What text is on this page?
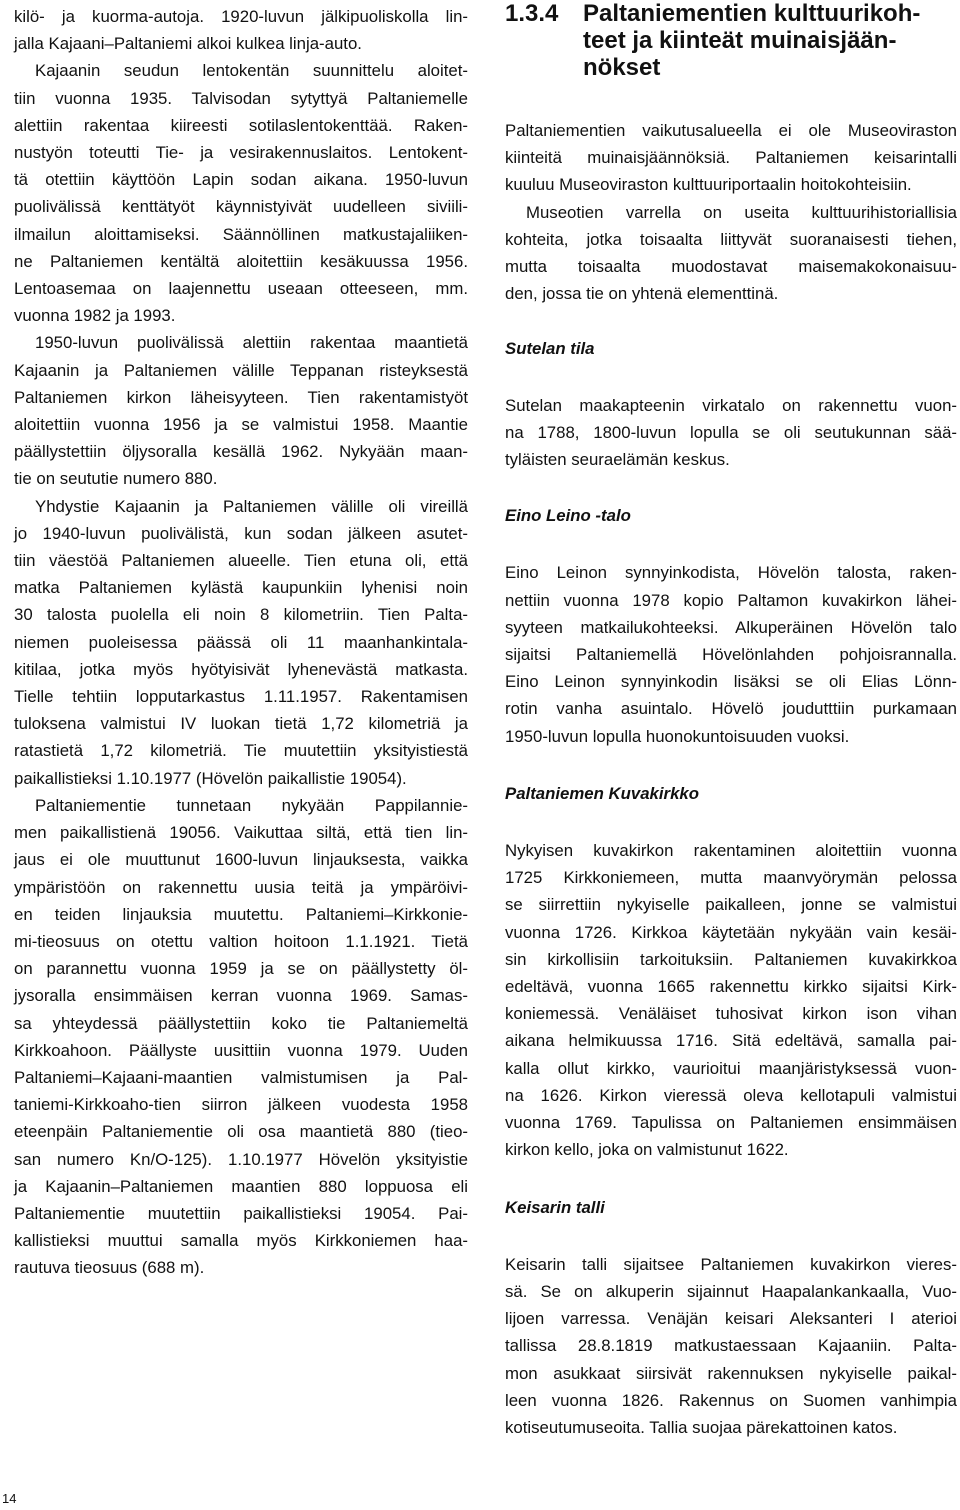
kilö- ja kuorma-autoja. 1920-luvun jälkipuoliskolla lin-
jalla Kajaani–Paltaniemi alkoi kulkea linja-auto.

Kajaanin seudun lentokentän suunnittelu aloitet-
tiin vuonna 1935. Talvisodan sytyttyä Paltaniemelle
alettiin rakentaa kiireesti sotilaslentokenttää. Raken-
nustyön toteutti Tie- ja vesirakennuslaitos. Lentokent-
tä otettiin käyttöön Lapin sodan aikana. 1950-luvun
puolivälissä kenttätyöt käynnistyivät uudelleen siviili-
ilmailun aloittamiseksi. Säännöllinen matkustajaliiken-
ne Paltaniemen kentältä aloitettiin kesäkuussa 1956.
Lentoasemaa on laajennettu useaan otteeseen, mm.
vuonna 1982 ja 1993.

1950-luvun puolivälissä alettiin rakentaa maantietä
Kajaanin ja Paltaniemen välille Teppanan risteyksestä
Paltaniemen kirkon läheisyyteen. Tien rakentamistyöt
aloitettiin vuonna 1956 ja se valmistui 1958. Maantie
päällystettiin öljysoralla kesällä 1962. Nykyään maan-
tie on seututie numero 880.

Yhdystie Kajaanin ja Paltaniemen välille oli vireillä
jo 1940-luvun puolivälistä, kun sodan jälkeen asutet-
tiin väestöä Paltaniemen alueelle. Tien etuna oli, että
matka Paltaniemen kylästä kaupunkiin lyhenisi noin
30 talosta puolella eli noin 8 kilometriin. Tien Palta-
niemen puoleisessa päässä oli 11 maanhankintala-
kitilaa, jotka myös hyötyisivät lyhenevästä matkasta.
Tielle tehtiin lopputarkastus 1.11.1957. Rakentamisen
tuloksena valmistui IV luokan tietä 1,72 kilometriä ja
ratastietä 1,72 kilometriä. Tie muutettiin yksityistiestä
paikallistieksi 1.10.1977 (Hövelön paikallistie 19054).

Paltaniementie tunnetaan nykyään Pappilannie-
men paikallistienä 19056. Vaikuttaa siltä, että tien lin-
jaus ei ole muuttunut 1600-luvun linjauksesta, vaikka
ympäristöön on rakennettu uusia teitä ja ympäröivi-
en teiden linjauksia muutettu. Paltaniemi–Kirkkonie-
mi-tieosuus on otettu valtion hoitoon 1.1.1921. Tietä
on parannettu vuonna 1959 ja se on päällystetty öl-
jysoralla ensimmäisen kerran vuonna 1969. Samas-
sa yhteydessä päällystettiin koko tie Paltaniemeltä
Kirkkoahoon. Päällyste uusittiin vuonna 1979. Uuden
Paltaniemi–Kajaani-maantien valmistumisen ja Pal-
taniemi-Kirkkoaho-tien siirron jälkeen vuodesta 1958
eteenpäin Paltaniementie oli osa maantietä 880 (tieo-
san numero Kn/O-125). 1.10.1977 Hövelön yksityistie
ja Kajaanin–Paltaniemen maantien 880 loppuosa eli
Paltaniementie muutettiin paikallistieksi 19054. Pai-
kallistieksi muuttui samalla myös Kirkkoniemen haa-
rautuva tieosuus (688 m).

1.3.4 Paltaniementien kulttuurikoh-
teet ja kiinteät muinaisjään-
nökset

Paltaniementien vaikutusalueella ei ole Museoviraston
kiinteitä muinaisjäännöksiä. Paltaniemen keisarintalli
kuuluu Museoviraston kulttuuriportaalin hoitokohteisiin.

Museotien varrella on useita kulttuurihistoriallisia
kohteita, jotka toisaalta liittyvät suoranaisesti tiehen,
mutta toisaalta muodostavat maisemakokonaisuu-
den, jossa tie on yhtenä elementtinä.

Sutelan tila

Sutelan maakapteenin virkatalo on rakennettu vuon-
na 1788, 1800-luvun lopulla se oli seutukunnan sää-
tyläisten seuraelämän keskus.

Eino Leino -talo

Eino Leinon synnyinkodista, Hövelön talosta, raken-
nettiin vuonna 1978 kopio Paltamon kuvakirkon lähei-
syyteen matkailukohteeksi. Alkuperäinen Hövelön talo
sijaitsi Paltaniemellä Hövelönlahden pohjoisrannalla.
Eino Leinon synnyinkodin lisäksi se oli Elias Lönn-
rotin vanha asuintalo. Hövelö joudutttiin purkamaan
1950-luvun lopulla huonokuntoisuuden vuoksi.

Paltaniemen Kuvakirkko

Nykyisen kuvakirkon rakentaminen aloitettiin vuonna
1725 Kirkkoniemeen, mutta maanvyörymän pelossa
se siirrettiin nykyiselle paikalleen, jonne se valmistui
vuonna 1726. Kirkkoa käytetään nykyään vain kesäi-
sin kirkollisiin tarkoituksiin. Paltaniemen kuvakirkkoa
edeltävä, vuonna 1665 rakennettu kirkko sijaitsi Kirk-
koniemessä. Venäläiset tuhosivat kirkon ison vihan
aikana helmikuussa 1716. Sitä edeltävä, samalla pai-
kalla ollut kirkko, vaurioitui maanjäristyksessä vuon-
na 1626. Kirkon vieressä oleva kellotapuli valmistui
vuonna 1769. Tapulissa on Paltaniemen ensimmäisen
kirkon kello, joka on valmistunut 1622.

Keisarin talli

Keisarin talli sijaitsee Paltaniemen kuvakirkon vieres-
sä. Se on alkuperin sijainnut Haapalankankaalla, Vuo-
lijoen varressa. Venäjän keisari Aleksanteri I aterioi
tallissa 28.8.1819 matkustaessaan Kajaaniin. Palta-
mon asukkaat siirsivät rakennuksen nykyiselle paikal-
leen vuonna 1826. Rakennus on Suomen vanhimpia
kotiseutumuseoita. Tallia suojaa pärekattoinen katos.

14
